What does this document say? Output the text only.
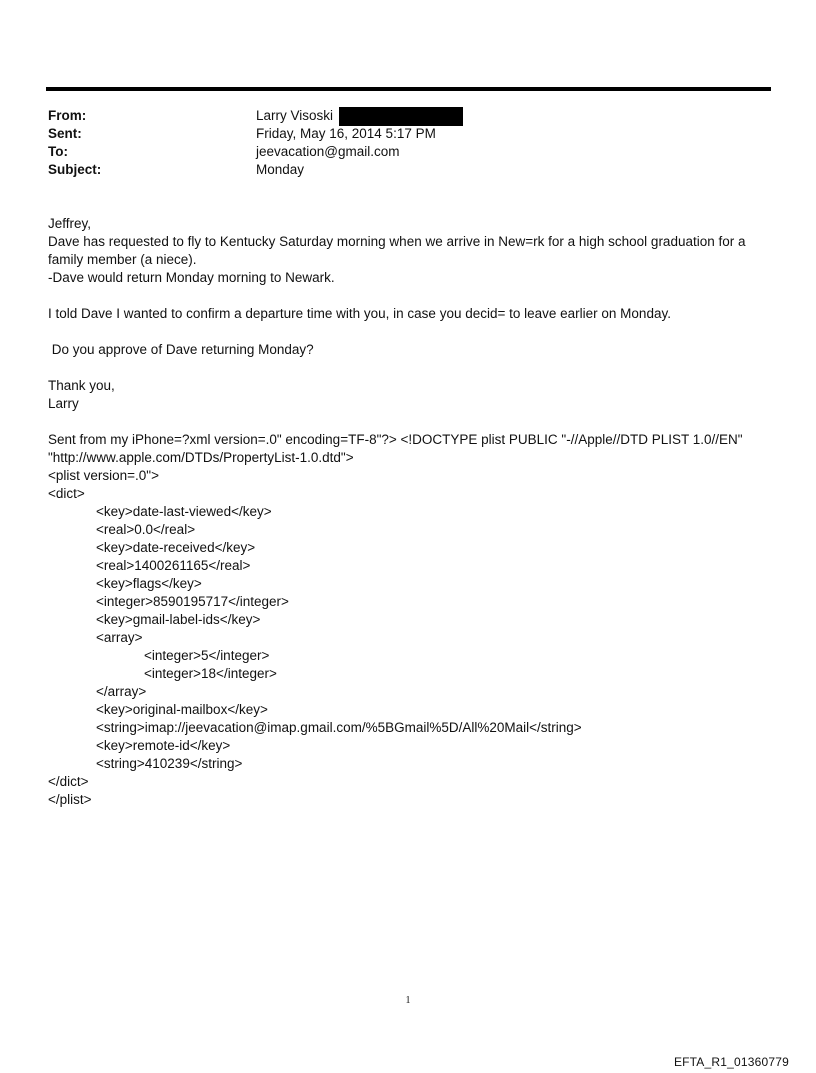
From:	Larry Visoski
Sent:	Friday, May 16, 2014 5:17 PM
To:	jeevacation@gmail.com
Subject:	Monday
Jeffrey,
Dave has requested to fly to Kentucky Saturday morning when we arrive in New=rk for a high school graduation for a
family member (a niece).
-Dave would return Monday morning to Newark.
I told Dave I wanted to confirm a departure time with you, in case you decid= to leave earlier on Monday.
Do you approve of Dave returning Monday?
Thank you,
Larry
Sent from my iPhone=?xml version=.0" encoding=TF-8"?> <!DOCTYPE plist PUBLIC "-//Apple//DTD PLIST 1.0//EN"
"http://www.apple.com/DTDs/PropertyList-1.0.dtd">
<plist version=.0">
<dict>
<key>date-last-viewed</key>
<real>0.0</real>
<key>date-received</key>
<real>1400261165</real>
<key>flags</key>
<integer>8590195717</integer>
<key>gmail-label-ids</key>
<array>
<integer>5</integer>
<integer>18</integer>
</array>
<key>original-mailbox</key>
<string>imap://jeevacation@imap.gmail.com/%5BGmail%5D/All%20Mail</string>
<key>remote-id</key>
<string>410239</string>
</dict>
</plist>
1
EFTA_R1_01360779
